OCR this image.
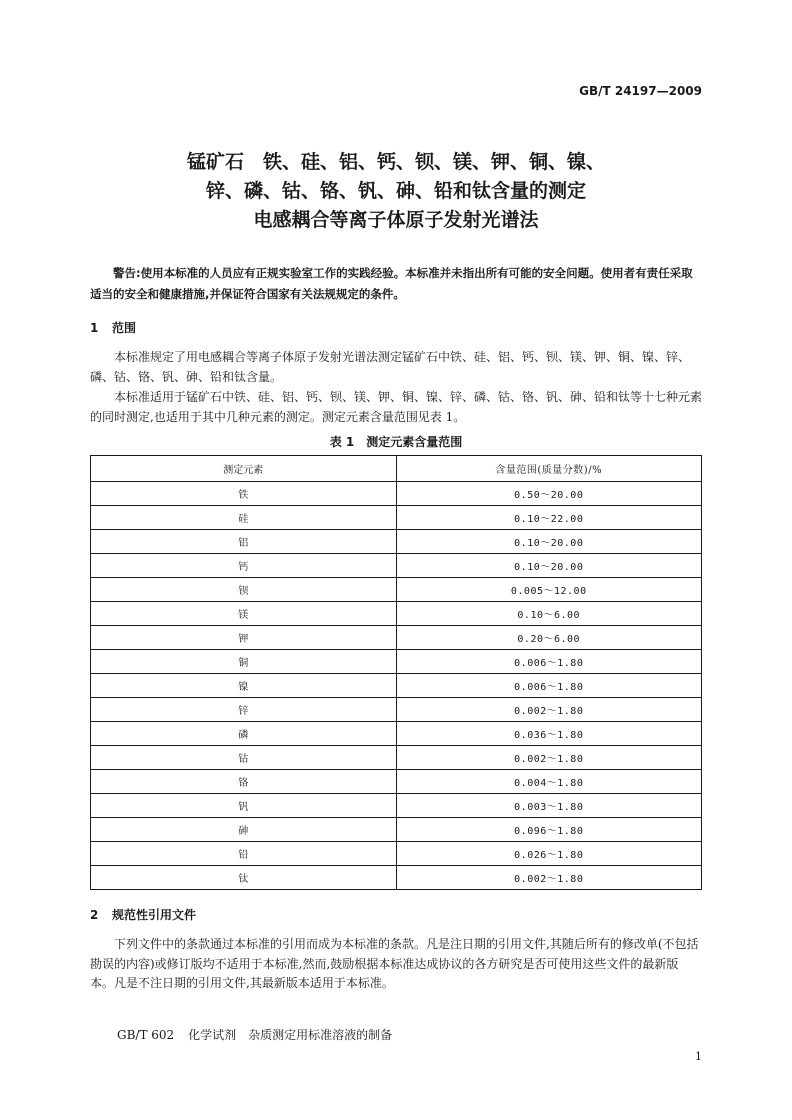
GB/T 24197—2009
锰矿石　铁、硅、铝、钙、钡、镁、钾、铜、镍、
锌、磷、钴、铬、钒、砷、铅和钛含量的测定
电感耦合等离子体原子发射光谱法

警告:使用本标准的人员应有正规实验室工作的实践经验。本标准并未指出所有可能的安全问题。使用者有责任采取适当的安全和健康措施,并保证符合国家有关法规规定的条件。

1 范围

本标准规定了用电感耦合等离子体原子发射光谱法测定锰矿石中铁、硅、铝、钙、钡、镁、钾、铜、镍、锌、磷、钴、铬、钒、砷、铅和钛含量。

本标准适用于锰矿石中铁、硅、铝、钙、钡、镁、钾、铜、镍、锌、磷、钴、铬、钒、砷、铅和钛等十七种元素的同时测定,也适用于其中几种元素的测定。测定元素含量范围见表 1。

表 1　测定元素含量范围
测定元素	含量范围(质量分数)/%
铁	0.50～20.00
硅	0.10～22.00
铝	0.10～20.00
钙	0.10～20.00
钡	0.005～12.00
镁	0.10～6.00
钾	0.20～6.00
铜	0.006～1.80
镍	0.006～1.80
锌	0.002～1.80
磷	0.036～1.80
钴	0.002～1.80
铬	0.004～1.80
钒	0.003～1.80
砷	0.096～1.80
铅	0.026～1.80
钛	0.002～1.80
2 规范性引用文件

下列文件中的条款通过本标准的引用而成为本标准的条款。凡是注日期的引用文件,其随后所有的修改单(不包括勘误的内容)或修订版均不适用于本标准,然而,鼓励根据本标准达成协议的各方研究是否可使用这些文件的最新版本。凡是不注日期的引用文件,其最新版本适用于本标准。

GB/T 602 化学试剂　杂质测定用标准溶液的制备
1
